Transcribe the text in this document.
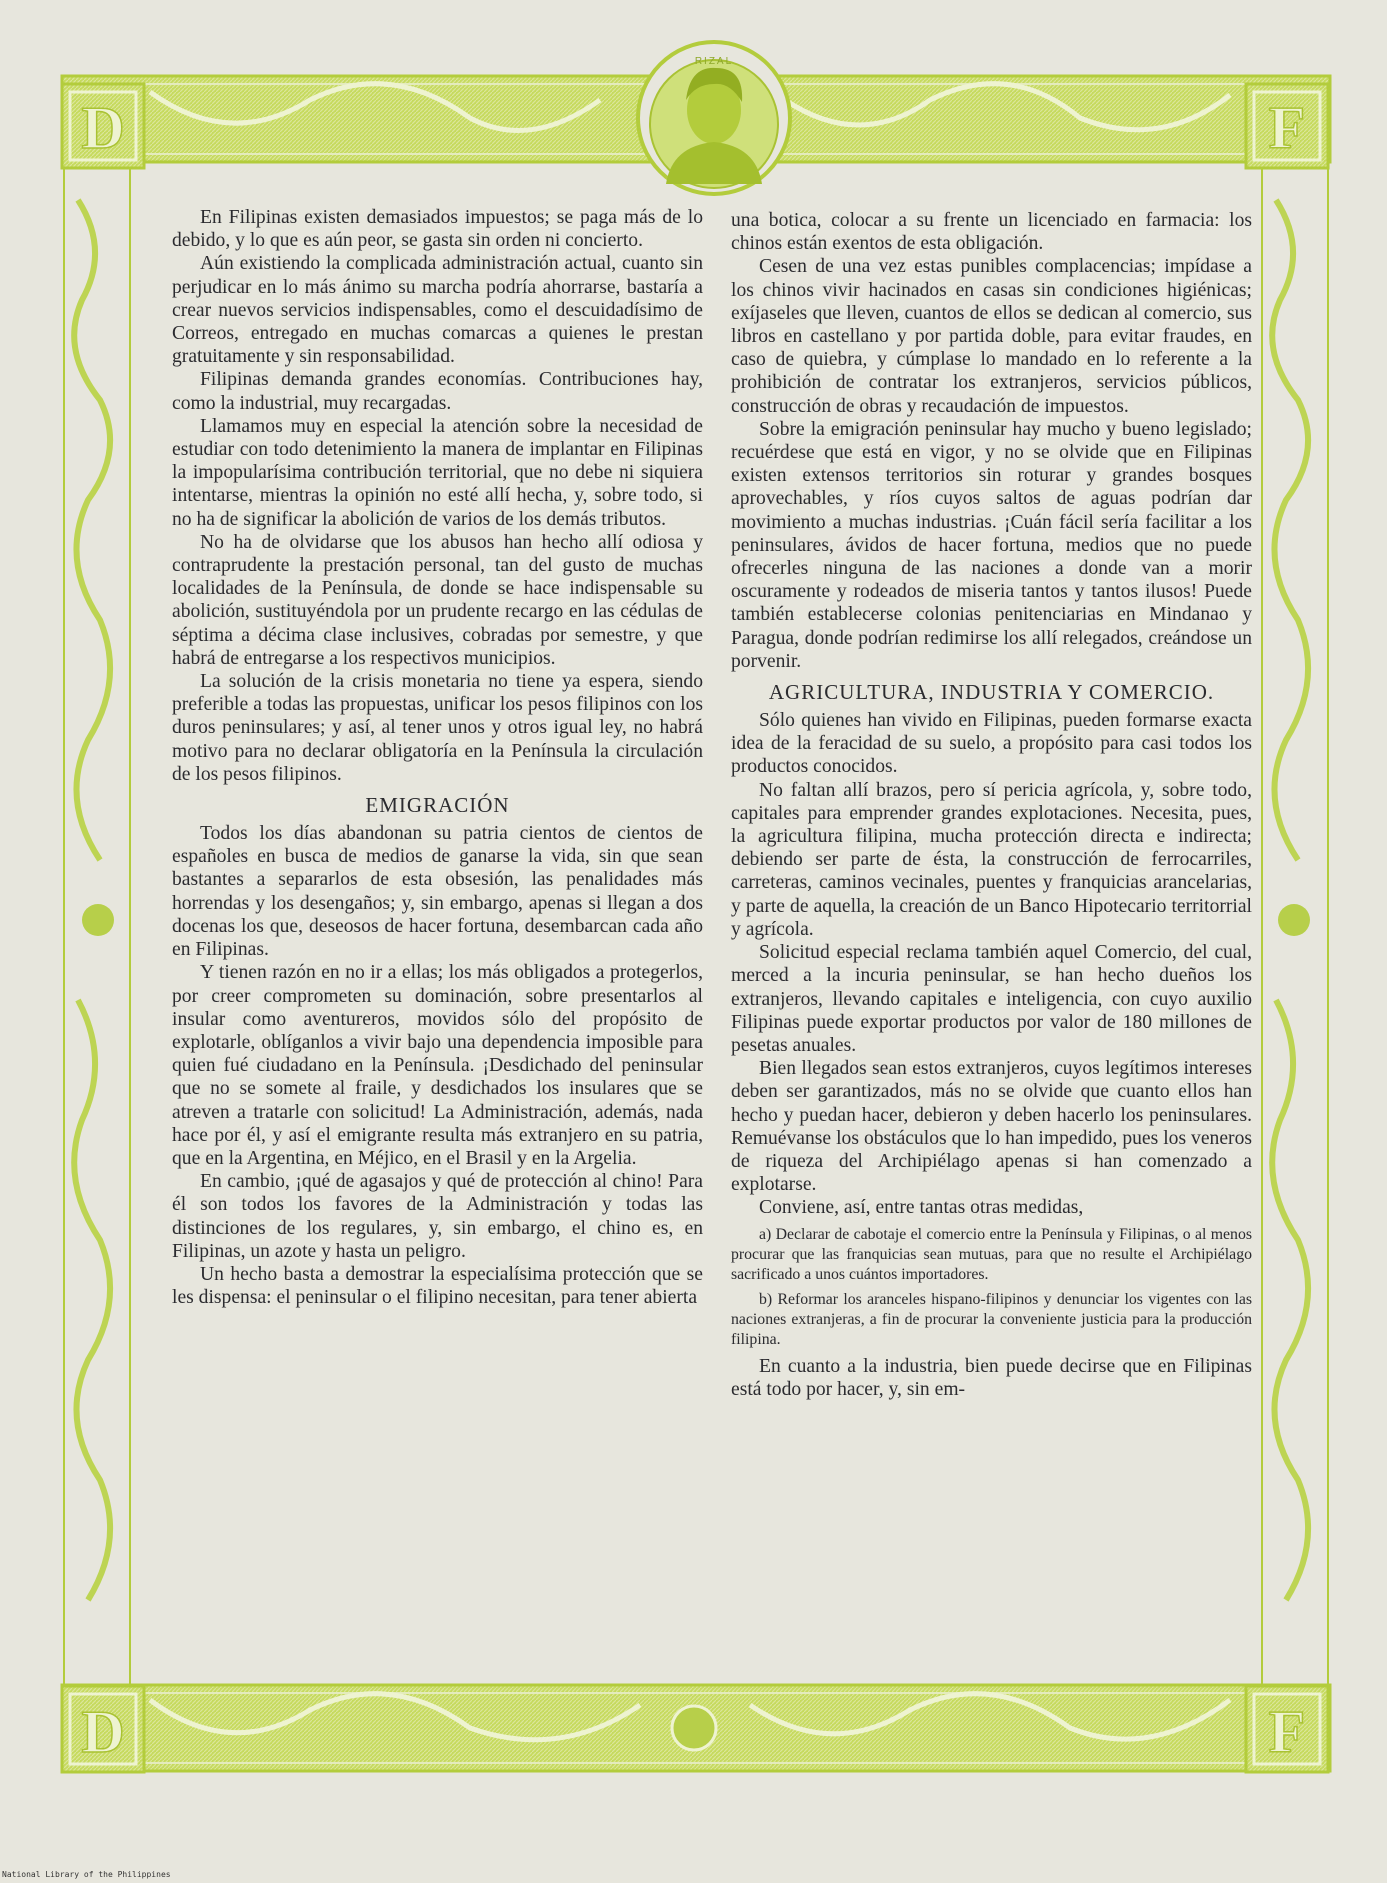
D	F
D	F
RIZAL

En Filipinas existen demasiados impuestos; se paga más de lo debido, y lo que es aún peor, se gasta sin orden ni concierto.

Aún existiendo la complicada administración actual, cuanto sin perjudicar en lo más ánimo su marcha podría ahorrarse, bastaría a crear nuevos servicios indispensables, como el descuidadísimo de Correos, entregado en muchas comarcas a quienes le prestan gratuitamente y sin responsabilidad.

Filipinas demanda grandes economías. Contribuciones hay, como la industrial, muy recargadas.

Llamamos muy en especial la atención sobre la necesidad de estudiar con todo detenimiento la manera de implantar en Filipinas la impopularísima contribución territorial, que no debe ni siquiera intentarse, mientras la opinión no esté allí hecha, y, sobre todo, si no ha de significar la abolición de varios de los demás tributos.

No ha de olvidarse que los abusos han hecho allí odiosa y contraprudente la prestación personal, tan del gusto de muchas localidades de la Península, de donde se hace indispensable su abolición, sustituyéndola por un prudente recargo en las cédulas de séptima a décima clase inclusives, cobradas por semestre, y que habrá de entregarse a los respectivos municipios.

La solución de la crisis monetaria no tiene ya espera, siendo preferible a todas las propuestas, unificar los pesos filipinos con los duros peninsulares; y así, al tener unos y otros igual ley, no habrá motivo para no declarar obligatoría en la Península la circulación de los pesos filipinos.

EMIGRACIÓN

Todos los días abandonan su patria cientos de cientos de españoles en busca de medios de ganarse la vida, sin que sean bastantes a separarlos de esta obsesión, las penalidades más horrendas y los desengaños; y, sin embargo, apenas si llegan a dos docenas los que, deseosos de hacer fortuna, desembarcan cada año en Filipinas.

Y tienen razón en no ir a ellas; los más obligados a protegerlos, por creer comprometen su dominación, sobre presentarlos al insular como aventureros, movidos sólo del propósito de explotarle, oblíganlos a vivir bajo una dependencia imposible para quien fué ciudadano en la Península. ¡Desdichado del peninsular que no se somete al fraile, y desdichados los insulares que se atreven a tratarle con solicitud! La Administración, además, nada hace por él, y así el emigrante resulta más extranjero en su patria, que en la Argentina, en Méjico, en el Brasil y en la Argelia.

En cambio, ¡qué de agasajos y qué de protección al chino! Para él son todos los favores de la Administración y todas las distinciones de los regulares, y, sin embargo, el chino es, en Filipinas, un azote y hasta un peligro.

Un hecho basta a demostrar la especialísima protección que se les dispensa: el peninsular o el filipino necesitan, para tener abierta

una botica, colocar a su frente un licenciado en farmacia: los chinos están exentos de esta obligación.

Cesen de una vez estas punibles complacencias; impídase a los chinos vivir hacinados en casas sin condiciones higiénicas; exíjaseles que lleven, cuantos de ellos se dedican al comercio, sus libros en castellano y por partida doble, para evitar fraudes, en caso de quiebra, y cúmplase lo mandado en lo referente a la prohibición de contratar los extranjeros, servicios públicos, construcción de obras y recaudación de impuestos.

Sobre la emigración peninsular hay mucho y bueno legislado; recuérdese que está en vigor, y no se olvide que en Filipinas existen extensos territorios sin roturar y grandes bosques aprovechables, y ríos cuyos saltos de aguas podrían dar movimiento a muchas industrias. ¡Cuán fácil sería facilitar a los peninsulares, ávidos de hacer fortuna, medios que no puede ofrecerles ninguna de las naciones a donde van a morir oscuramente y rodeados de miseria tantos y tantos ilusos! Puede también establecerse colonias penitenciarias en Mindanao y Paragua, donde podrían redimirse los allí relegados, creándose un porvenir.

AGRICULTURA, INDUSTRIA Y COMERCIO.

Sólo quienes han vivido en Filipinas, pueden formarse exacta idea de la feracidad de su suelo, a propósito para casi todos los productos conocidos.

No faltan allí brazos, pero sí pericia agrícola, y, sobre todo, capitales para emprender grandes explotaciones. Necesita, pues, la agricultura filipina, mucha protección directa e indirecta; debiendo ser parte de ésta, la construcción de ferrocarriles, carreteras, caminos vecinales, puentes y franquicias arancelarias, y parte de aquella, la creación de un Banco Hipotecario territorrial y agrícola.

Solicitud especial reclama también aquel Comercio, del cual, merced a la incuria peninsular, se han hecho dueños los extranjeros, llevando capitales e inteligencia, con cuyo auxilio Filipinas puede exportar productos por valor de 180 millones de pesetas anuales.

Bien llegados sean estos extranjeros, cuyos legítimos intereses deben ser garantizados, más no se olvide que cuanto ellos han hecho y puedan hacer, debieron y deben hacerlo los peninsulares. Remuévanse los obstáculos que lo han impedido, pues los veneros de riqueza del Archipiélago apenas si han comenzado a explotarse.

Conviene, así, entre tantas otras medidas,

a) Declarar de cabotaje el comercio entre la Península y Filipinas, o al menos procurar que las franquicias sean mutuas, para que no resulte el Archipiélago sacrificado a unos cuántos importadores.

b) Reformar los aranceles hispano-filipinos y denunciar los vigentes con las naciones extranjeras, a fin de procurar la conveniente justicia para la producción filipina.

En cuanto a la industria, bien puede decirse que en Filipinas está todo por hacer, y, sin em-

National Library of the Philippines
